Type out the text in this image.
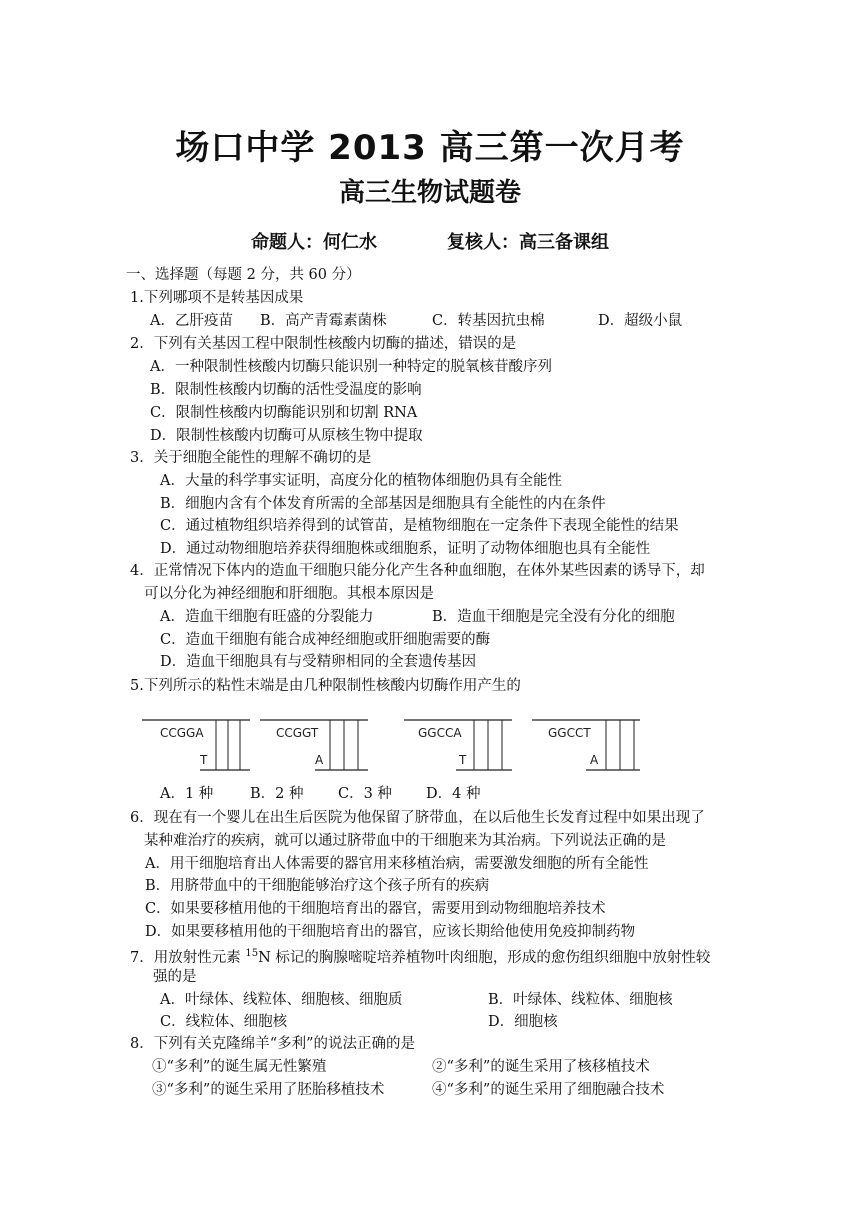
场口中学 2013 高三第一次月考
高三生物试题卷
命题人：何仁水	复核人：高三备课组
一、选择题（每题 2 分，共 60 分）
1.下列哪项不是转基因成果
A．乙肝疫苗 B．高产青霉素菌株	C．转基因抗虫棉	D．超级小鼠
2．下列有关基因工程中限制性核酸内切酶的描述，错误的是
A．一种限制性核酸内切酶只能识别一种特定的脱氧核苷酸序列
B．限制性核酸内切酶的活性受温度的影响
C．限制性核酸内切酶能识别和切割 RNA
D．限制性核酸内切酶可从原核生物中提取
3．关于细胞全能性的理解不确切的是
A．大量的科学事实证明，高度分化的植物体细胞仍具有全能性
B．细胞内含有个体发育所需的全部基因是细胞具有全能性的内在条件
C．通过植物组织培养得到的试管苗，是植物细胞在一定条件下表现全能性的结果
D．通过动物细胞培养获得细胞株或细胞系，证明了动物体细胞也具有全能性
4．正常情况下体内的造血干细胞只能分化产生各种血细胞，在体外某些因素的诱导下，却
可以分化为神经细胞和肝细胞。其根本原因是
A．造血干细胞有旺盛的分裂能力	B．造血干细胞是完全没有分化的细胞
C．造血干细胞有能合成神经细胞或肝细胞需要的酶
D．造血干细胞具有与受精卵相同的全套遗传基因
5.下列所示的粘性末端是由几种限制性核酸内切酶作用产生的
CCGGA
T
CCGGT
A
GGCCA
T
GGCCT
A
A．1 种	B．2 种 C．3 种 D．4 种
6．现在有一个婴儿在出生后医院为他保留了脐带血，在以后他生长发育过程中如果出现了
某种难治疗的疾病，就可以通过脐带血中的干细胞来为其治病。下列说法正确的是
A．用干细胞培育出人体需要的器官用来移植治病，需要激发细胞的所有全能性
B．用脐带血中的干细胞能够治疗这个孩子所有的疾病
C．如果要移植用他的干细胞培育出的器官，需要用到动物细胞培养技术
D．如果要移植用他的干细胞培育出的器官，应该长期给他使用免疫抑制药物
7．用放射性元素 $^{15}$N 标记的胸腺嘧啶培养植物叶肉细胞，形成的愈伤组织细胞中放射性较
强的是
A．叶绿体、线粒体、细胞核、细胞质	B．叶绿体、线粒体、细胞核
C．线粒体、细胞核	D．细胞核
8．下列有关克隆绵羊“多利”的说法正确的是
①“多利”的诞生属无性繁殖	②“多利”的诞生采用了核移植技术
③“多利”的诞生采用了胚胎移植技术	④“多利”的诞生采用了细胞融合技术
